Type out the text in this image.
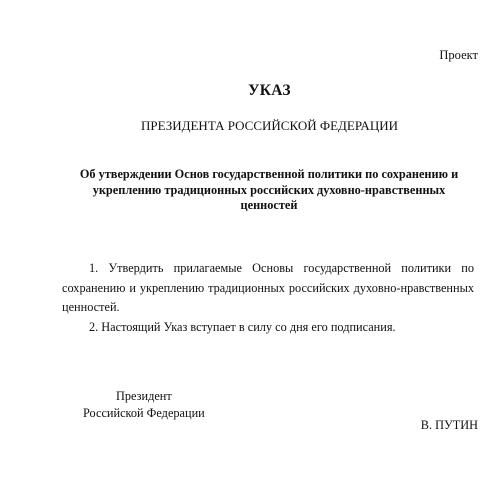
Проект
УКАЗ
ПРЕЗИДЕНТА РОССИЙСКОЙ ФЕДЕРАЦИИ
Об утверждении Основ государственной политики по сохранению и укреплению традиционных российских духовно-нравственных ценностей

1. Утвердить прилагаемые Основы государственной политики по сохранению и укреплению традиционных российских духовно-нравственных ценностей.

2. Настоящий Указ вступает в силу со дня его подписания.

Президент
Российской Федерации
В. ПУТИН
